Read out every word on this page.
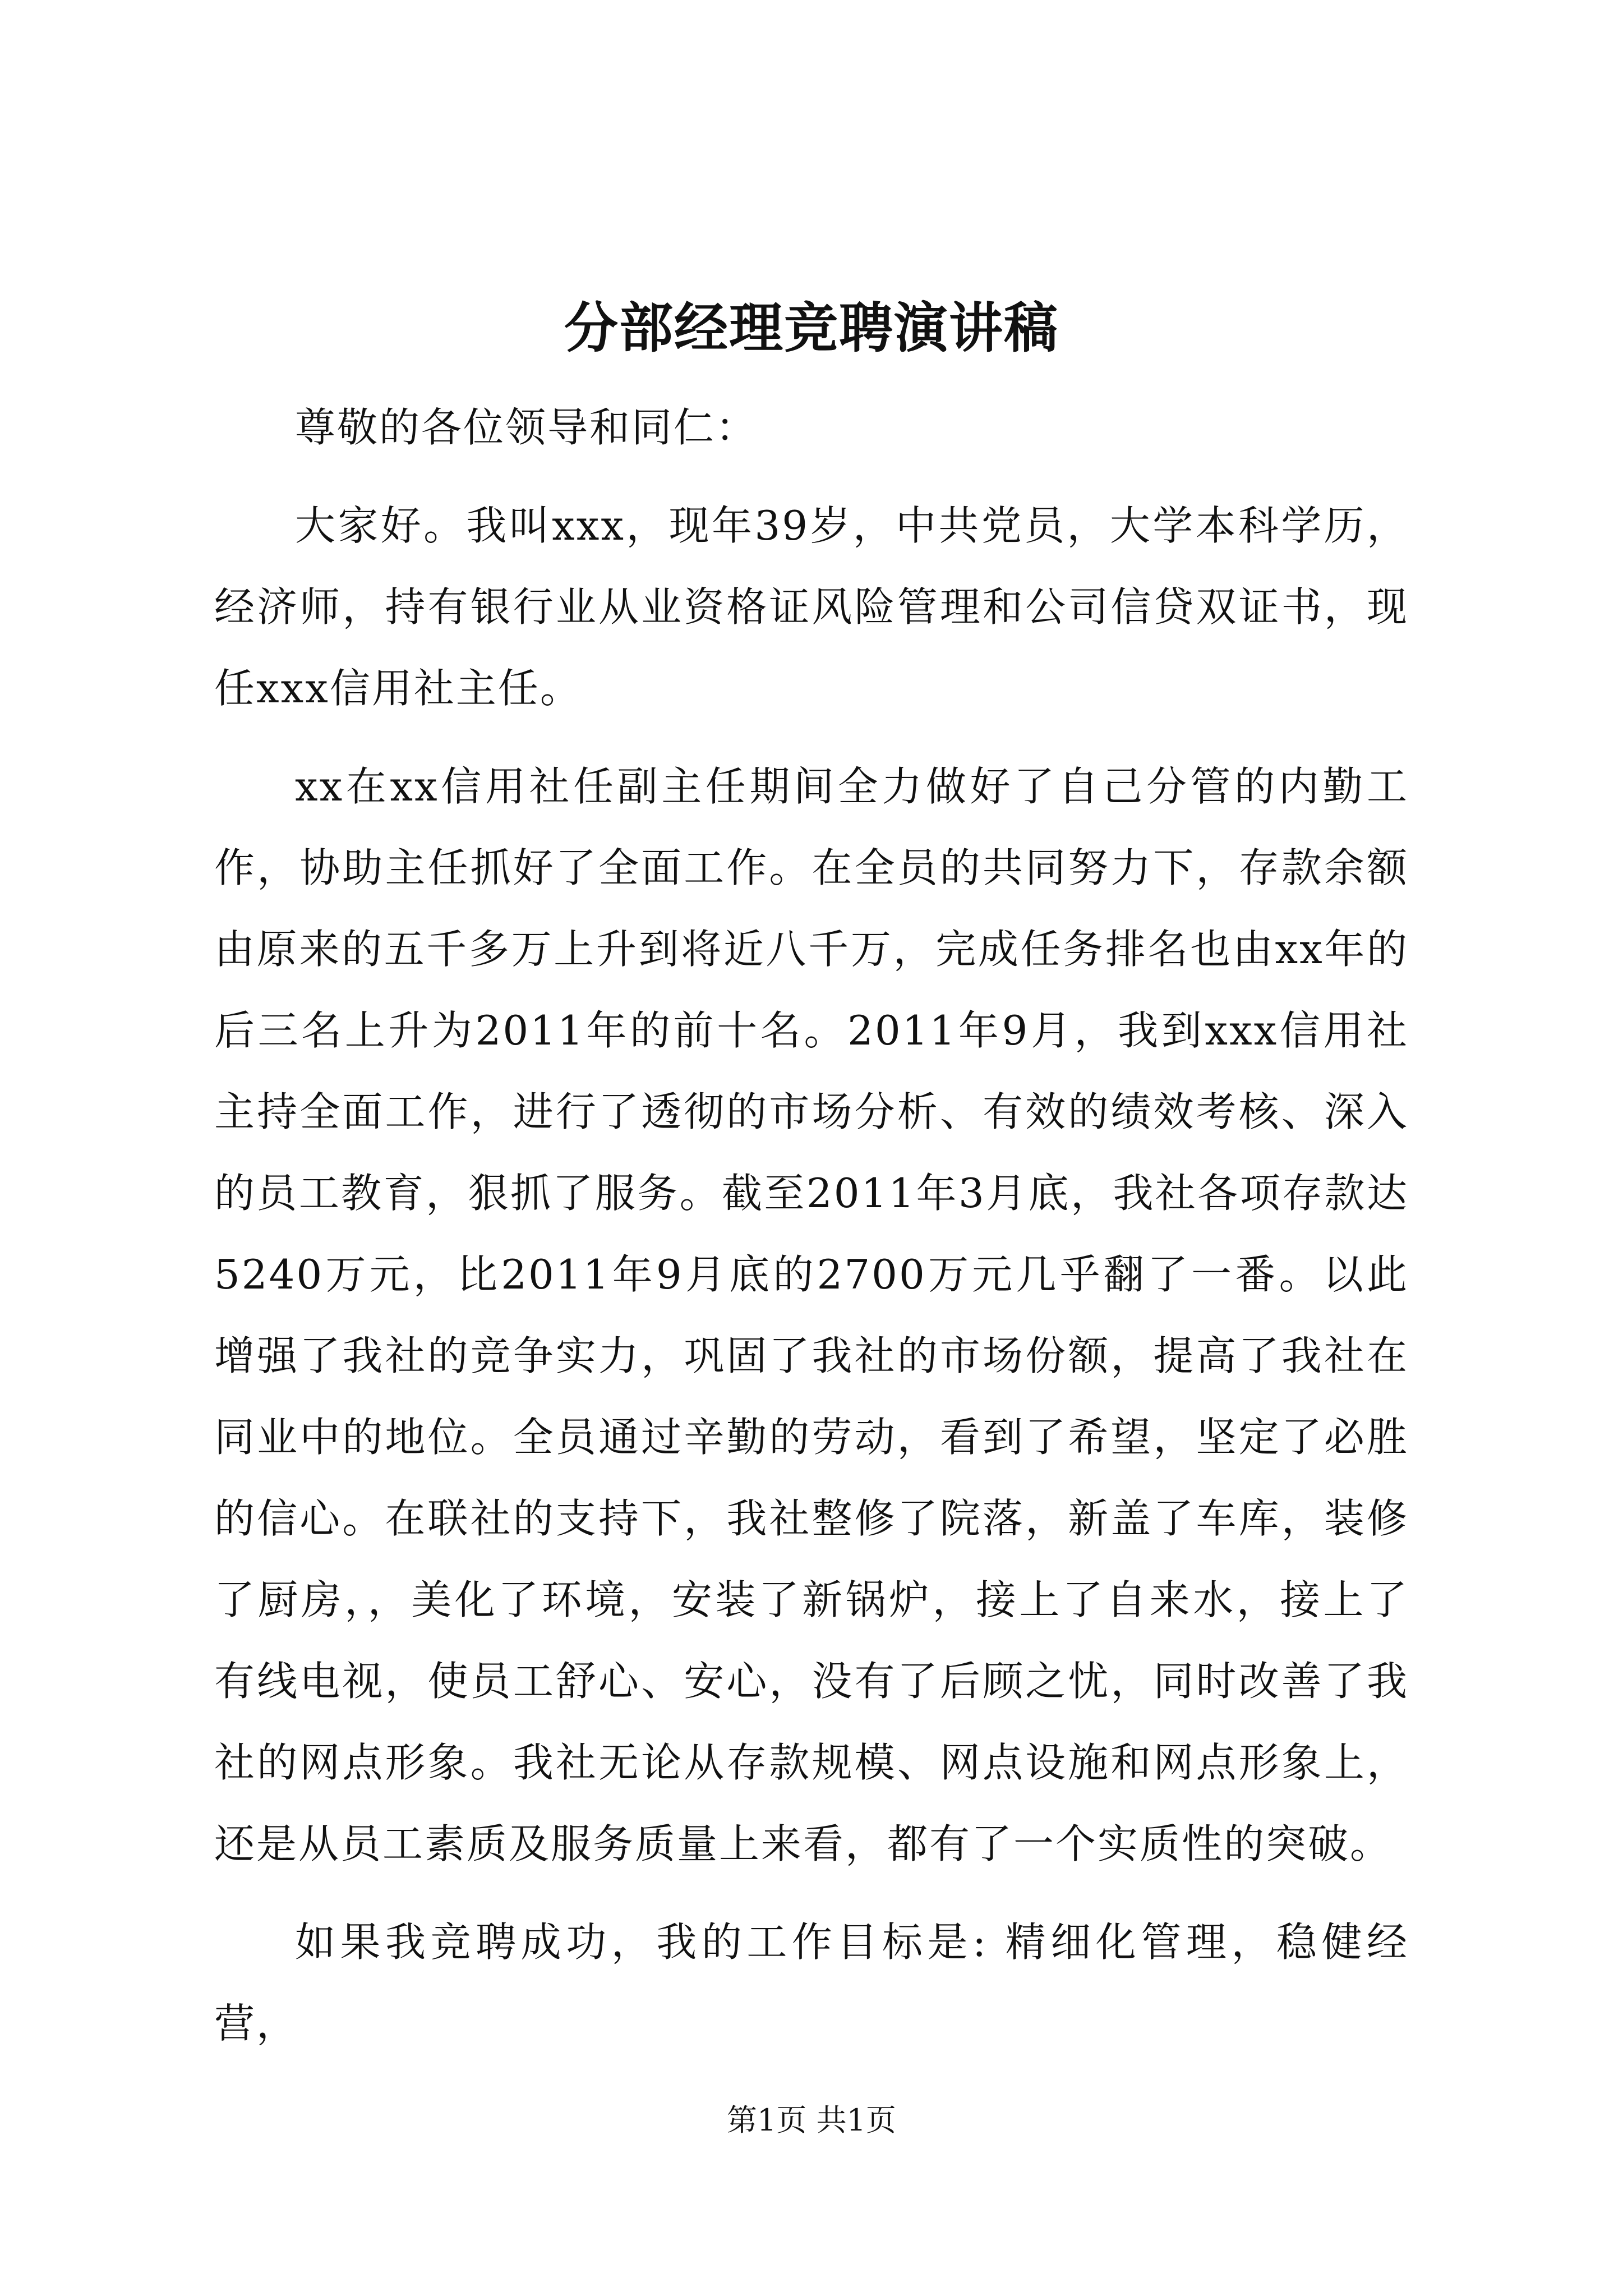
分部经理竞聘演讲稿

尊敬的各位领导和同仁：

大家好。我叫xxx，现年39岁，中共党员，大学本科学历，经济师，持有银行业从业资格证风险管理和公司信贷双证书，现任xxx信用社主任。

xx在xx信用社任副主任期间全力做好了自己分管的内勤工作，协助主任抓好了全面工作。在全员的共同努力下，存款余额由原来的五千多万上升到将近八千万，完成任务排名也由xx年的后三名上升为2011年的前十名。2011年9月，我到xxx信用社主持全面工作，进行了透彻的市场分析、有效的绩效考核、深入的员工教育，狠抓了服务。截至2011年3月底，我社各项存款达5240万元，比2011年9月底的2700万元几乎翻了一番。以此增强了我社的竞争实力，巩固了我社的市场份额，提高了我社在同业中的地位。全员通过辛勤的劳动，看到了希望，坚定了必胜的信心。在联社的支持下，我社整修了院落，新盖了车库，装修了厨房，，美化了环境，安装了新锅炉，接上了自来水，接上了有线电视，使员工舒心、安心，没有了后顾之忧，同时改善了我社的网点形象。我社无论从存款规模、网点设施和网点形象上，还是从员工素质及服务质量上来看，都有了一个实质性的突破。

如果我竞聘成功，我的工作目标是: 精细化管理，稳健经营，

第1页 共1页
